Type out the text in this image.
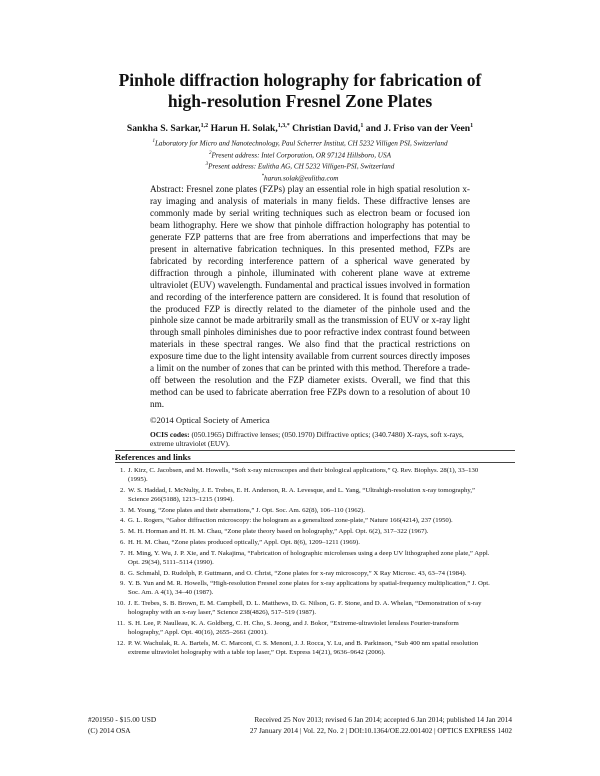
Pinhole diffraction holography for fabrication of
high-resolution Fresnel Zone Plates
Sankha S. Sarkar,$^{1,2}$ Harun H. Solak,$^{1,3,*}$ Christian David,$^1$ and J. Friso van der Veen$^1$
$^1$Laboratory for Micro and Nanotechnology, Paul Scherrer Institut, CH 5232 Villigen PSI, Switzerland
$^2$Present address: Intel Corporation, OR 97124 Hillsboro, USA
$^3$Present address: Eulitha AG, CH 5232 Villigen-PSI, Switzerland
*harun.solak@eulitha.com
Abstract: Fresnel zone plates (FZPs) play an essential role in high spatial resolution x-ray imaging and analysis of materials in many fields. These diffractive lenses are commonly made by serial writing techniques such as electron beam or focused ion beam lithography. Here we show that pinhole diffraction holography has potential to generate FZP patterns that are free from aberrations and imperfections that may be present in alternative fabrication techniques. In this presented method, FZPs are fabricated by recording interference pattern of a spherical wave generated by diffraction through a pinhole, illuminated with coherent plane wave at extreme ultraviolet (EUV) wavelength. Fundamental and practical issues involved in formation and recording of the interference pattern are considered. It is found that resolution of the produced FZP is directly related to the diameter of the pinhole used and the pinhole size cannot be made arbitrarily small as the transmission of EUV or x-ray light through small pinholes diminishes due to poor refractive index contrast found between materials in these spectral ranges. We also find that the practical restrictions on exposure time due to the light intensity available from current sources directly imposes a limit on the number of zones that can be printed with this method. Therefore a trade-off between the resolution and the FZP diameter exists. Overall, we find that this method can be used to fabricate aberration free FZPs down to a resolution of about 10 nm.
©2014 Optical Society of America
OCIS codes: (050.1965) Diffractive lenses; (050.1970) Diffractive optics; (340.7480) X-rays, soft x-rays, extreme ultraviolet (EUV).
References and links
1. J. Kirz, C. Jacobsen, and M. Howells, “Soft x-ray microscopes and their biological applications,” Q. Rev. Biophys. 28(1), 33–130 (1995).
2. W. S. Haddad, I. McNulty, J. E. Trebes, E. H. Anderson, R. A. Levesque, and L. Yang, “Ultrahigh-resolution x-ray tomography,” Science 266(5188), 1213–1215 (1994).
3. M. Young, “Zone plates and their aberrations,” J. Opt. Soc. Am. 62(8), 106–110 (1962).
4. G. L. Rogers, “Gabor diffraction microscopy: the hologram as a generalized zone-plate,” Nature 166(4214), 237 (1950).
5. M. H. Horman and H. H. M. Chau, “Zone plate theory based on holography,” Appl. Opt. 6(2), 317–322 (1967).
6. H. H. M. Chau, “Zone plates produced optically,” Appl. Opt. 8(6), 1209–1211 (1969).
7. H. Ming, Y. Wu, J. P. Xie, and T. Nakajima, “Fabrication of holographic microlenses using a deep UV lithographed zone plate,” Appl. Opt. 29(34), 5111–5114 (1990).
8. G. Schmahl, D. Rudolph, P. Guttmann, and O. Christ, “Zone plates for x-ray microscopy,” X Ray Microsc. 43, 63–74 (1984).
9. Y. B. Yun and M. R. Howells, “High-resolution Fresnel zone plates for x-ray applications by spatial-frequency multiplication,” J. Opt. Soc. Am. A 4(1), 34–40 (1987).
10. J. E. Trebes, S. B. Brown, E. M. Campbell, D. L. Matthews, D. G. Nilson, G. F. Stone, and D. A. Whelan, “Demonstration of x-ray holography with an x-ray laser,” Science 238(4826), 517–519 (1987).
11. S. H. Lee, P. Naulleau, K. A. Goldberg, C. H. Cho, S. Jeong, and J. Bokor, “Extreme-ultraviolet lensless Fourier-transform holography,” Appl. Opt. 40(16), 2655–2661 (2001).
12. P. W. Wachulak, R. A. Bartels, M. C. Marconi, C. S. Menoni, J. J. Rocca, Y. Lu, and B. Parkinson, “Sub 400 nm spatial resolution extreme ultraviolet holography with a table top laser,” Opt. Express 14(21), 9636–9642 (2006).
#201950 - $15.00 USD	Received 25 Nov 2013; revised 6 Jan 2014; accepted 6 Jan 2014; published 14 Jan 2014
(C) 2014 OSA	27 January 2014 | Vol. 22, No. 2 | DOI:10.1364/OE.22.001402 | OPTICS EXPRESS 1402
